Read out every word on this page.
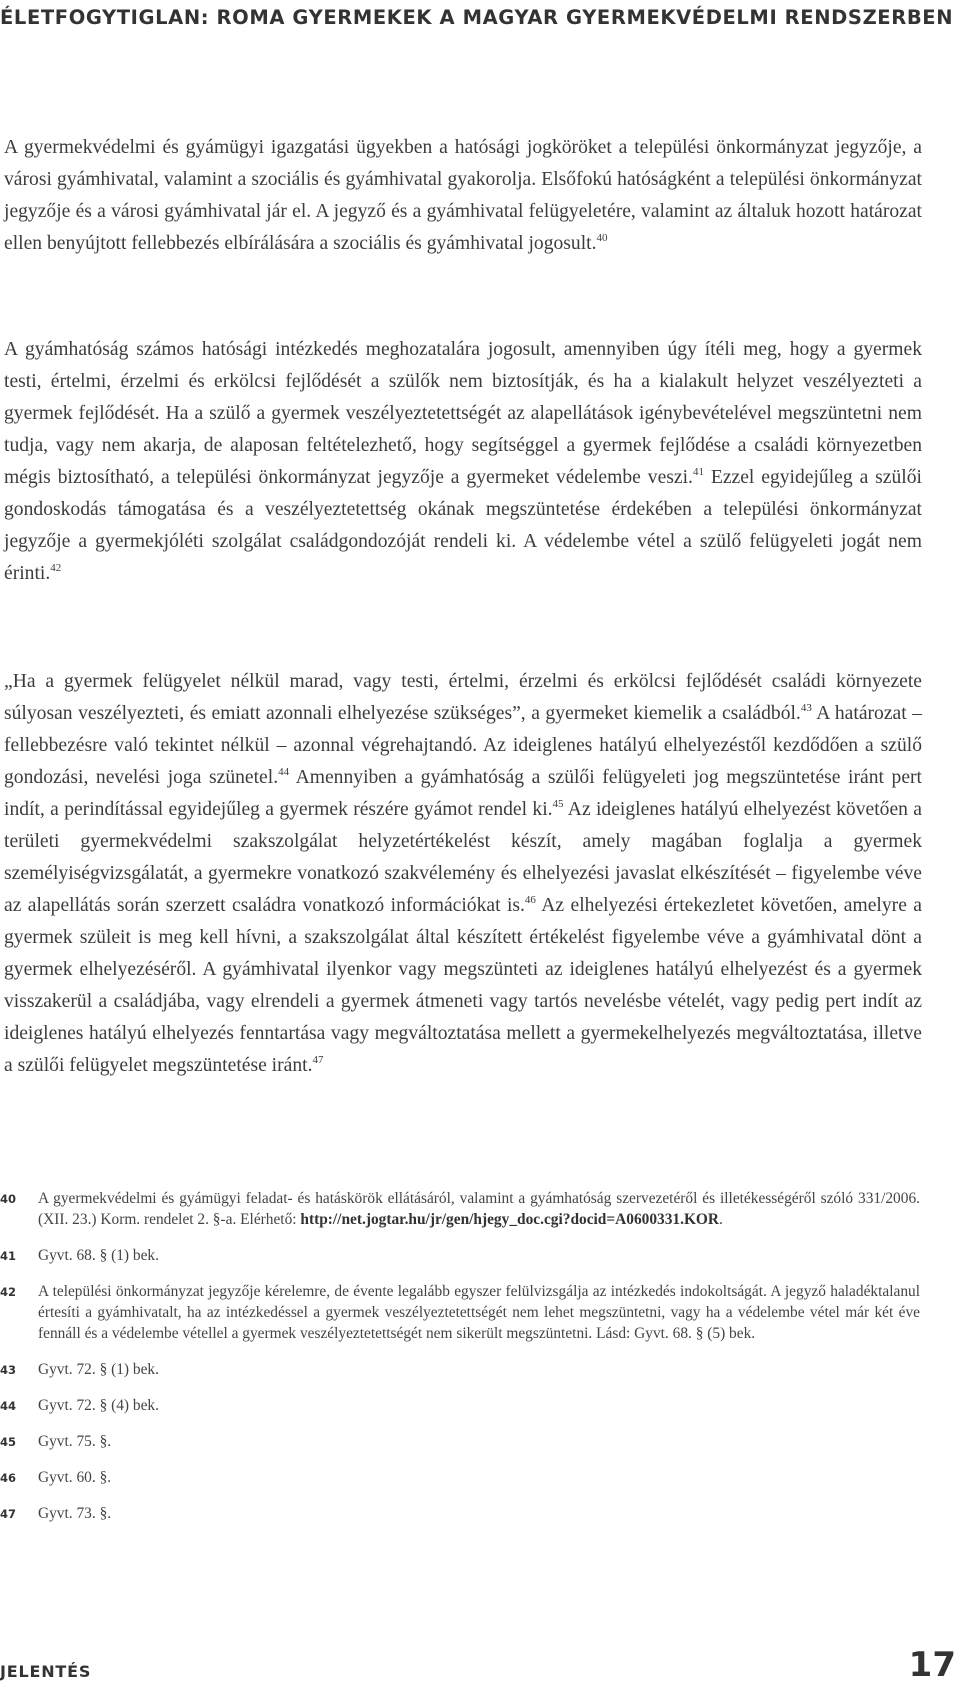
ÉLETFOGYTIGLAN: ROMA GYERMEKEK A MAGYAR GYERMEKVÉDELMI RENDSZERBEN

A gyermekvédelmi és gyámügyi igazgatási ügyekben a hatósági jogköröket a települési önkormányzat jegyzője, a városi gyámhivatal, valamint a szociális és gyámhivatal gyakorolja. Elsőfokú hatóságként a települési önkormányzat jegyzője és a városi gyámhivatal jár el. A jegyző és a gyámhivatal felügyeletére, valamint az általuk hozott határozat ellen benyújtott fellebbezés elbírálására a szociális és gyámhivatal jogosult.$^{40}$

A gyámhatóság számos hatósági intézkedés meghozatalára jogosult, amennyiben úgy ítéli meg, hogy a gyermek testi, értelmi, érzelmi és erkölcsi fejlődését a szülők nem biztosítják, és ha a kialakult helyzet veszélyezteti a gyermek fejlődését. Ha a szülő a gyermek veszélyeztetettségét az alapellátások igénybevételével megszüntetni nem tudja, vagy nem akarja, de alaposan feltételezhető, hogy segítséggel a gyermek fejlődése a családi környezetben mégis biztosítható, a települési önkormányzat jegyzője a gyermeket védelembe veszi.$^{41}$ Ezzel egyidejűleg a szülői gondoskodás támogatása és a veszélyeztetettség okának megszüntetése érdekében a települési önkormányzat jegyzője a gyermekjóléti szolgálat családgondozóját rendeli ki. A védelembe vétel a szülő felügyeleti jogát nem érinti.$^{42}$

„Ha a gyermek felügyelet nélkül marad, vagy testi, értelmi, érzelmi és erkölcsi fejlődését családi környezete súlyosan veszélyezteti, és emiatt azonnali elhelyezése szükséges”, a gyermeket kiemelik a családból.$^{43}$ A határozat – fellebbezésre való tekintet nélkül – azonnal végrehajtandó. Az ideiglenes hatályú elhelyezéstől kezdődően a szülő gondozási, nevelési joga szünetel.$^{44}$ Amennyiben a gyámhatóság a szülői felügyeleti jog megszüntetése iránt pert indít, a perindítással egyidejűleg a gyermek részére gyámot rendel ki.$^{45}$ Az ideiglenes hatályú elhelyezést követően a területi gyermekvédelmi szakszolgálat helyzetértékelést készít, amely magában foglalja a gyermek személyiségvizsgálatát, a gyermekre vonatkozó szakvélemény és elhelyezési javaslat elkészítését – figyelembe véve az alapellátás során szerzett családra vonatkozó információkat is.$^{46}$ Az elhelyezési értekezletet követően, amelyre a gyermek szüleit is meg kell hívni, a szakszolgálat által készített értékelést figyelembe véve a gyámhivatal dönt a gyermek elhelyezéséről. A gyámhivatal ilyenkor vagy megszünteti az ideiglenes hatályú elhelyezést és a gyermek visszakerül a családjába, vagy elrendeli a gyermek átmeneti vagy tartós nevelésbe vételét, vagy pedig pert indít az ideiglenes hatályú elhelyezés fenntartása vagy megváltoztatása mellett a gyermekelhelyezés megváltoztatása, illetve a szülői felügyelet megszüntetése iránt.$^{47}$

40 A gyermekvédelmi és gyámügyi feladat- és hatáskörök ellátásáról, valamint a gyámhatóság szervezetéről és illetékességéről szóló 331/2006. (XII. 23.) Korm. rendelet 2. §-a. Elérhető: http://net.jogtar.hu/jr/gen/hjegy_doc.cgi?docid=A0600331.KOR.
41 Gyvt. 68. § (1) bek.
42 A települési önkormányzat jegyzője kérelemre, de évente legalább egyszer felülvizsgálja az intézkedés indokoltságát. A jegyző haladéktalanul értesíti a gyámhivatalt, ha az intézkedéssel a gyermek veszélyeztetettségét nem lehet megszüntetni, vagy ha a védelembe vétel már két éve fennáll és a védelembe vétellel a gyermek veszélyeztetettségét nem sikerült megszüntetni. Lásd: Gyvt. 68. § (5) bek.
43 Gyvt. 72. § (1) bek.
44 Gyvt. 72. § (4) bek.
45 Gyvt. 75. §.
46 Gyvt. 60. §.
47 Gyvt. 73. §.
JELENTÉS	17
